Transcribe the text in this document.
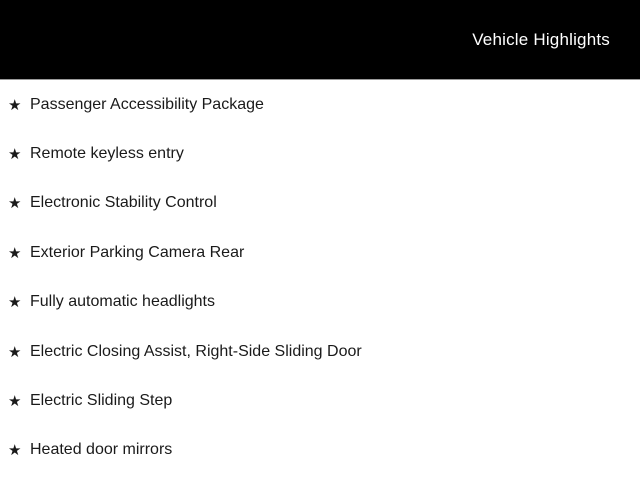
Vehicle Highlights
★ Passenger Accessibility Package
★ Remote keyless entry
★ Electronic Stability Control
★ Exterior Parking Camera Rear
★ Fully automatic headlights
★ Electric Closing Assist, Right-Side Sliding Door
★ Electric Sliding Step
★ Heated door mirrors
